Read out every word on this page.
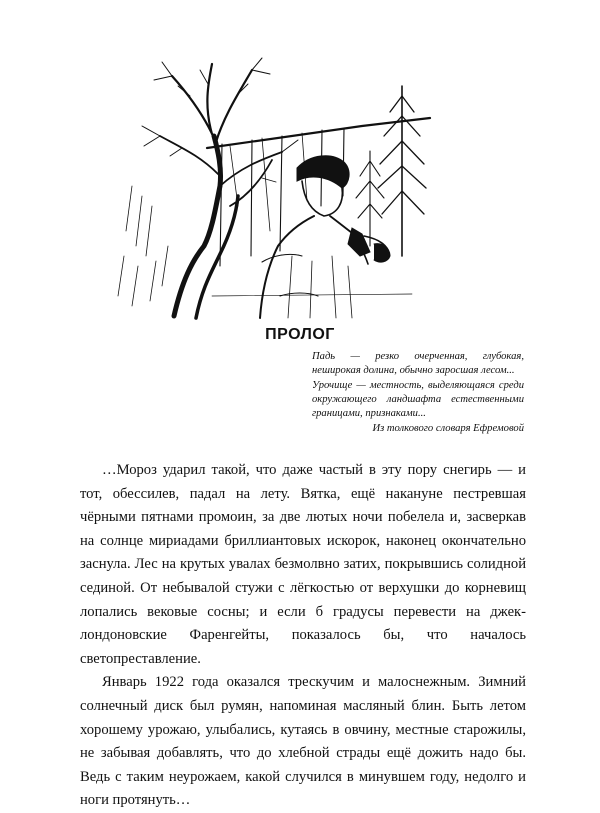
ПРОЛОГ

Падь — резко очерченная, глубокая, неширокая долина, обычно заросшая лесом...

Урочище — местность, выделяющаяся среди окружающего ландшафта естественными границами, признаками...

Из толкового словаря Ефремовой

…Мороз ударил такой, что даже частый в эту пору снегирь — и тот, обессилев, падал на лету. Вятка, ещё накануне пестревшая чёрными пятнами промоин, за две лютых ночи побелела и, засверкав на солнце мириадами бриллиантовых искорок, наконец окончательно заснула. Лес на крутых увалах безмолвно затих, покрывшись солидной сединой. От небывалой стужи с лёгкостью от верхушки до корневищ лопались вековые сосны; и если б градусы перевести на джек-лондоновские Фаренгейты, показалось бы, что началось светопреставление.

Январь 1922 года оказался трескучим и малоснежным. Зимний солнечный диск был румян, напоминая масляный блин. Быть летом хорошему урожаю, улыбались, кутаясь в овчину, местные старожилы, не забывая добавлять, что до хлебной страды ещё дожить надо бы. Ведь с таким неурожаем, какой случился в минувшем году, недолго и ноги протянуть…
